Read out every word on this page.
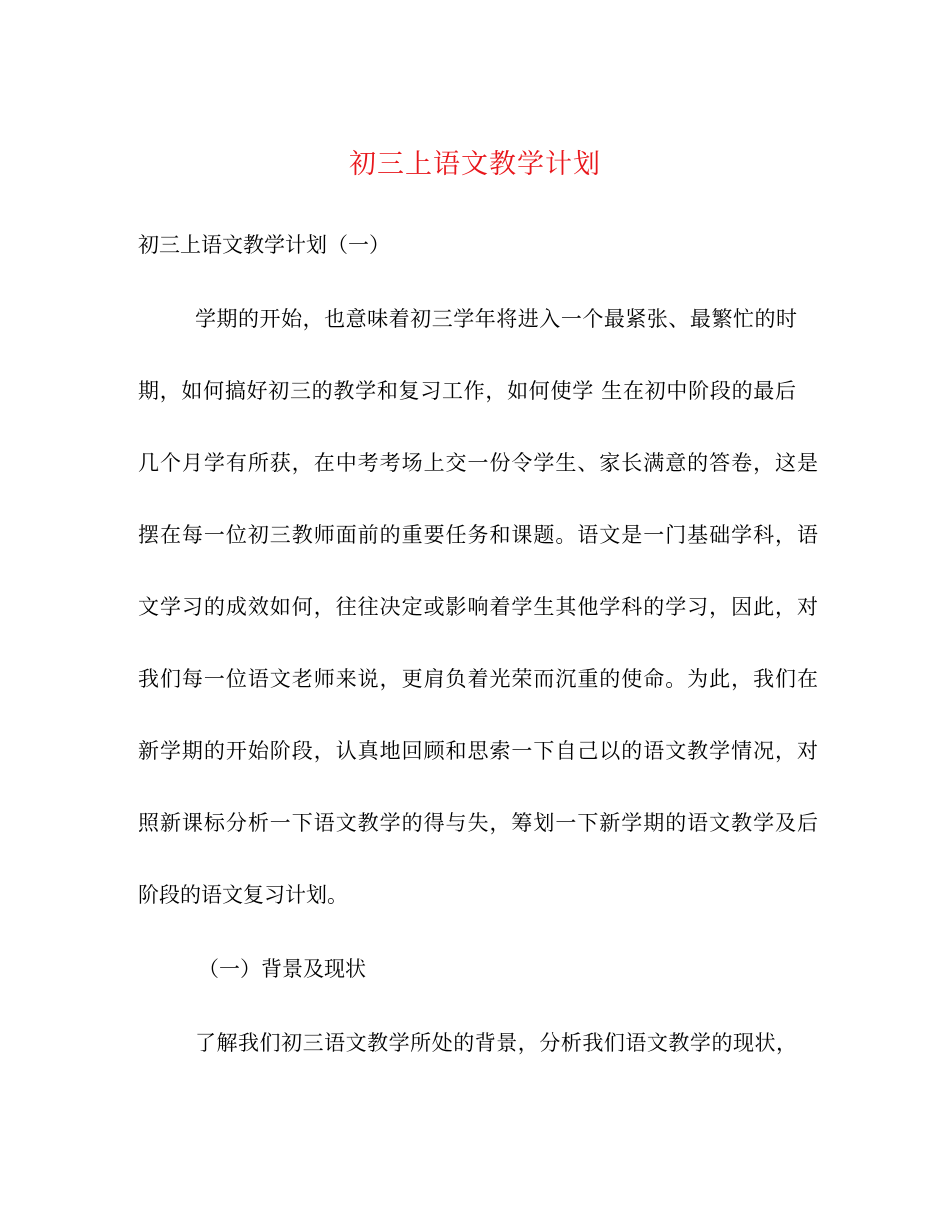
初三上语文教学计划
初三上语文教学计划（一）
学期的开始，也意味着初三学年将进入一个最紧张、最繁忙的时
期，如何搞好初三的教学和复习工作，如何使学 生在初中阶段的最后
几个月学有所获，在中考考场上交一份令学生、家长满意的答卷，这是
摆在每一位初三教师面前的重要任务和课题。语文是一门基础学科，语
文学习的成效如何，往往决定或影响着学生其他学科的学习，因此，对
我们每一位语文老师来说，更肩负着光荣而沉重的使命。为此，我们在
新学期的开始阶段，认真地回顾和思索一下自己以的语文教学情况，对
照新课标分析一下语文教学的得与失，筹划一下新学期的语文教学及后
阶段的语文复习计划。
（一）背景及现状
了解我们初三语文教学所处的背景，分析我们语文教学的现状，
